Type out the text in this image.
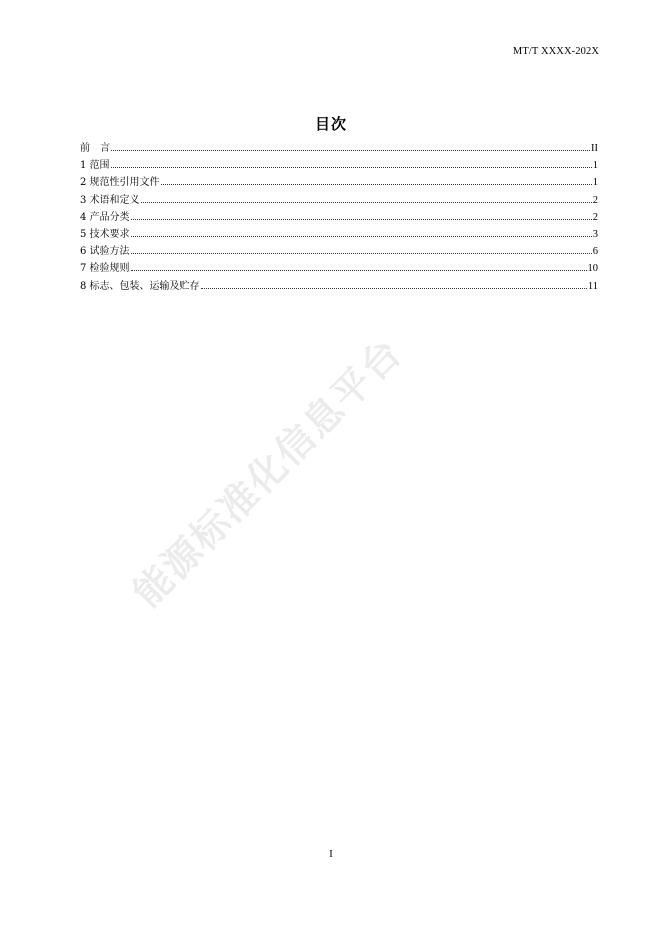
MT/T XXXX-202X
目次
前　言	II
1 范围	1
2 规范性引用文件	1
3 术语和定义	2
4 产品分类	2
5 技术要求	3
6 试验方法	6
7 检验规则	10
8 标志、包装、运输及贮存	11
能源标准化信息平台
I
